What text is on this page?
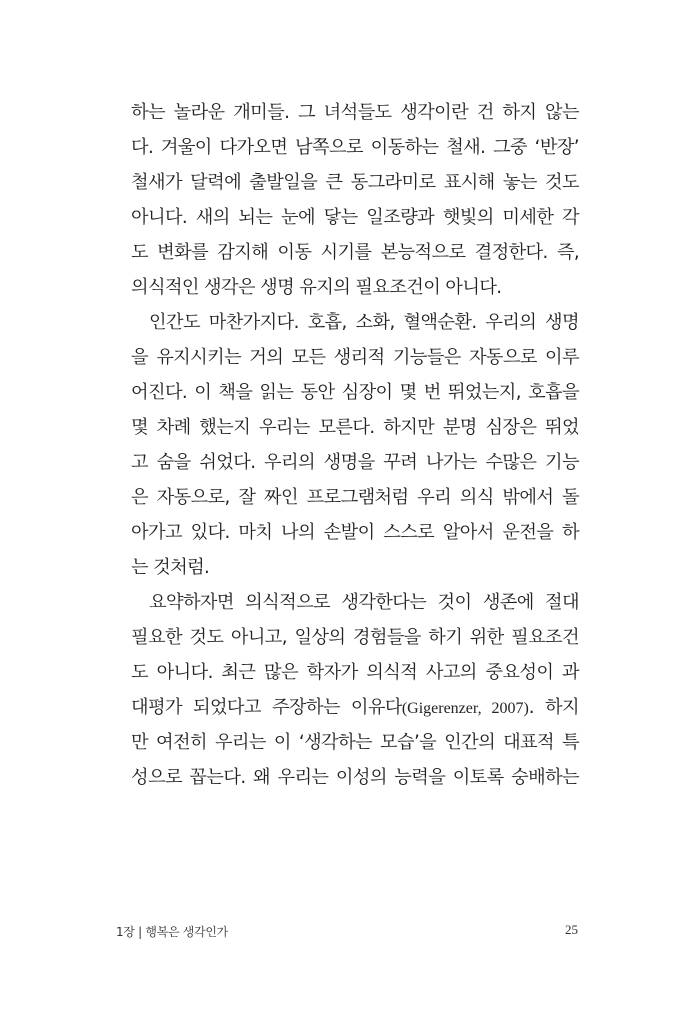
하는 놀라운 개미들. 그 녀석들도 생각이란 건 하지 않는
다. 겨울이 다가오면 남쪽으로 이동하는 철새. 그중 ‘반장’
철새가 달력에 출발일을 큰 동그라미로 표시해 놓는 것도
아니다. 새의 뇌는 눈에 닿는 일조량과 햇빛의 미세한 각
도 변화를 감지해 이동 시기를 본능적으로 결정한다. 즉,
의식적인 생각은 생명 유지의 필요조건이 아니다.
인간도 마찬가지다. 호흡, 소화, 혈액순환. 우리의 생명
을 유지시키는 거의 모든 생리적 기능들은 자동으로 이루
어진다. 이 책을 읽는 동안 심장이 몇 번 뛰었는지, 호흡을
몇 차례 했는지 우리는 모른다. 하지만 분명 심장은 뛰었
고 숨을 쉬었다. 우리의 생명을 꾸려 나가는 수많은 기능
은 자동으로, 잘 짜인 프로그램처럼 우리 의식 밖에서 돌
아가고 있다. 마치 나의 손발이 스스로 알아서 운전을 하
는 것처럼.
요약하자면 의식적으로 생각한다는 것이 생존에 절대
필요한 것도 아니고, 일상의 경험들을 하기 위한 필요조건
도 아니다. 최근 많은 학자가 의식적 사고의 중요성이 과
대평가 되었다고 주장하는 이유다(Gigerenzer, 2007). 하지
만 여전히 우리는 이 ‘생각하는 모습’을 인간의 대표적 특
성으로 꼽는다. 왜 우리는 이성의 능력을 이토록 숭배하는
1장 | 행복은 생각인가	25
